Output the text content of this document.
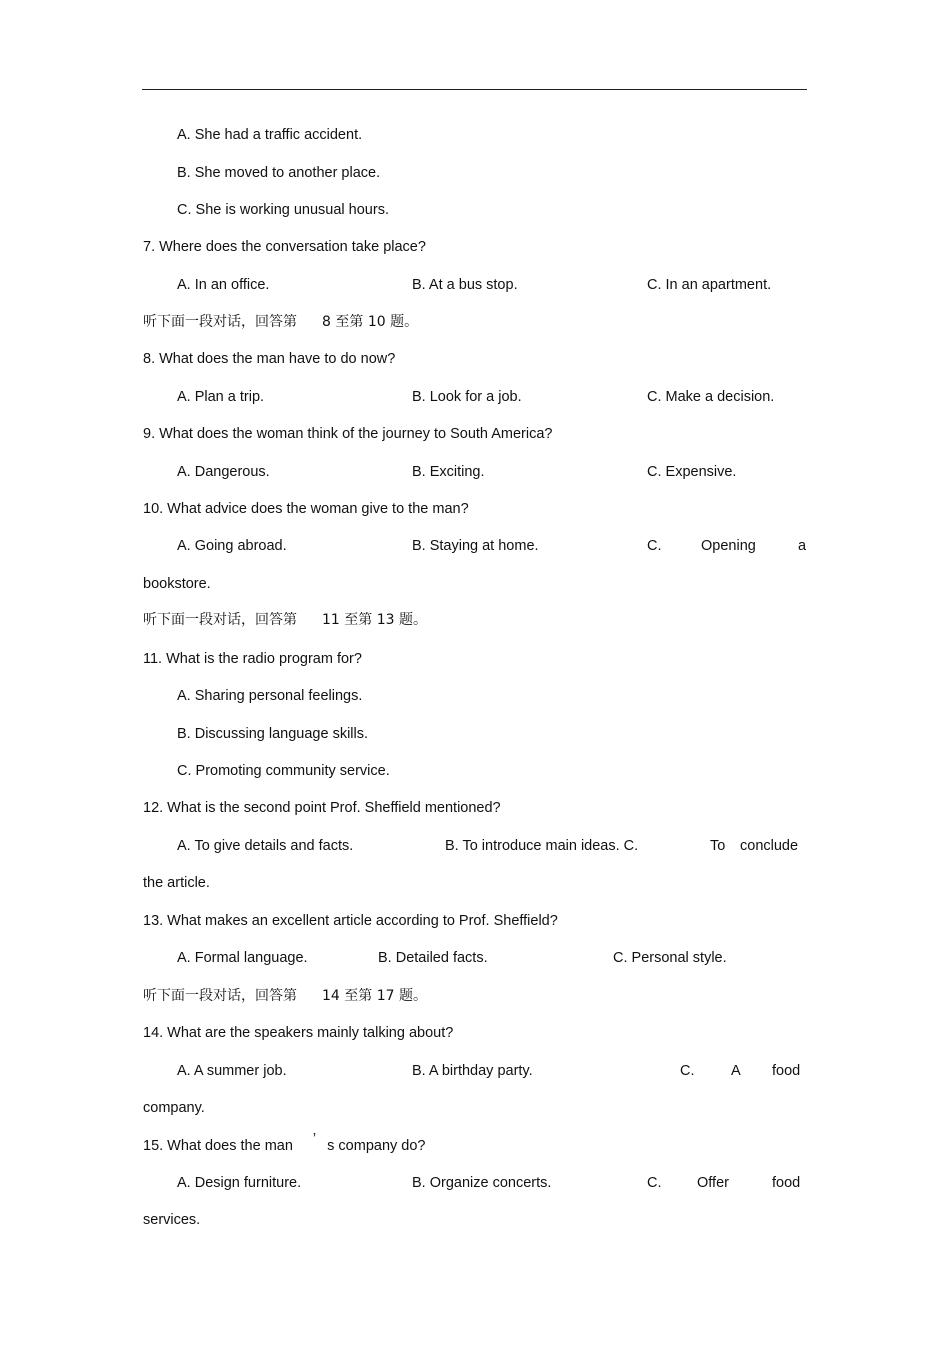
A. She had a traffic accident.
B. She moved to another place.
C. She is working unusual hours.
7. Where does the conversation take place?
A. In an office.	B. At a bus stop.	C. In an apartment.
听下面一段对话，回答第 8 至第 10 题。
8. What does the man have to do now?
A. Plan a trip.	B. Look for a job.	C. Make a decision.
9. What does the woman think of the journey to South America?
A. Dangerous.	B. Exciting.	C. Expensive.
10. What advice does the woman give to the man?
A. Going abroad.	B. Staying at home.	C.	Opening	a
bookstore.
听下面一段对话，回答第 11 至第 13 题。
11. What is the radio program for?
A. Sharing personal feelings.
B. Discussing language skills.
C. Promoting community service.
12. What is the second point Prof. Sheffield mentioned?
A. To give details and facts.	B. To introduce main ideas. C.	To conclude
the article.
13. What makes an excellent article according to Prof. Sheffield?
A. Formal language.	B. Detailed facts.	C. Personal style.
听下面一段对话，回答第 14 至第 17 题。
14. What are the speakers mainly talking about?
A. A summer job.	B. A birthday party.	C.	A food
company.
15. What does the man ’ s company do?
A. Design furniture.	B. Organize concerts.	C. Offer	food
services.
